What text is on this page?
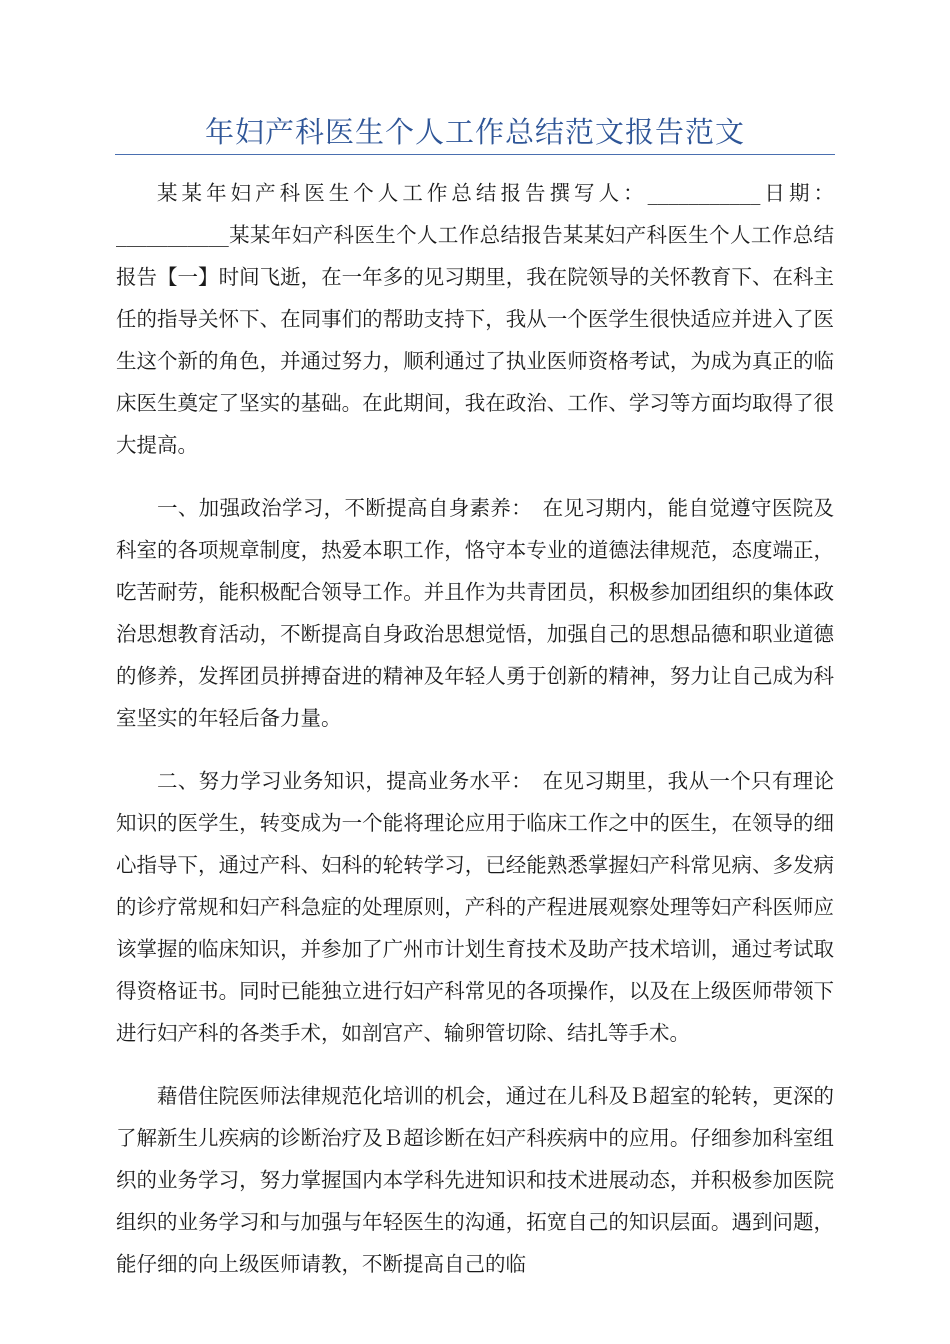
年妇产科医生个人工作总结范文报告范文

某某年妇产科医生个人工作总结报告撰写人：___________日期：___________某某年妇产科医生个人工作总结报告某某妇产科医生个人工作总结报告【一】时间飞逝，在一年多的见习期里，我在院领导的关怀教育下、在科主任的指导关怀下、在同事们的帮助支持下，我从一个医学生很快适应并进入了医生这个新的角色，并通过努力，顺利通过了执业医师资格考试，为成为真正的临床医生奠定了坚实的基础。在此期间，我在政治、工作、学习等方面均取得了很大提高。

一、加强政治学习，不断提高自身素养：　在见习期内，能自觉遵守医院及科室的各项规章制度，热爱本职工作，恪守本专业的道德法律规范，态度端正，吃苦耐劳，能积极配合领导工作。并且作为共青团员，积极参加团组织的集体政治思想教育活动，不断提高自身政治思想觉悟，加强自己的思想品德和职业道德的修养，发挥团员拼搏奋进的精神及年轻人勇于创新的精神，努力让自己成为科室坚实的年轻后备力量。

二、努力学习业务知识，提高业务水平：　在见习期里，我从一个只有理论知识的医学生，转变成为一个能将理论应用于临床工作之中的医生，在领导的细心指导下，通过产科、妇科的轮转学习，已经能熟悉掌握妇产科常见病、多发病的诊疗常规和妇产科急症的处理原则，产科的产程进展观察处理等妇产科医师应该掌握的临床知识，并参加了广州市计划生育技术及助产技术培训，通过考试取得资格证书。同时已能独立进行妇产科常见的各项操作，以及在上级医师带领下进行妇产科的各类手术，如剖宫产、输卵管切除、结扎等手术。

藉借住院医师法律规范化培训的机会，通过在儿科及Ｂ超室的轮转，更深的了解新生儿疾病的诊断治疗及Ｂ超诊断在妇产科疾病中的应用。仔细参加科室组织的业务学习，努力掌握国内本学科先进知识和技术进展动态，并积极参加医院组织的业务学习和与加强与年轻医生的沟通，拓宽自己的知识层面。遇到问题，能仔细的向上级医师请教，不断提高自己的临
